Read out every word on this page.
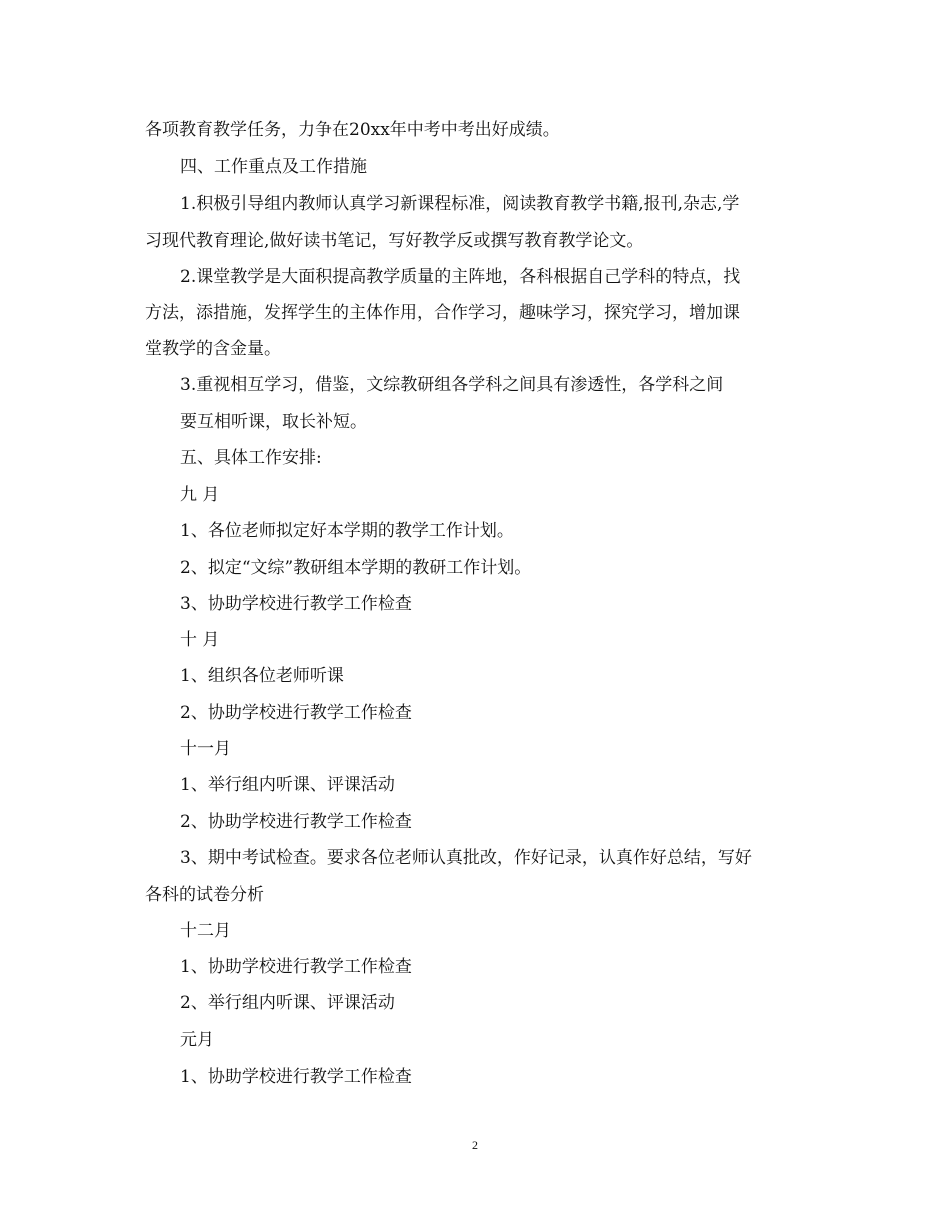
各项教育教学任务，力争在20xx年中考中考出好成绩。
四、工作重点及工作措施
1.积极引导组内教师认真学习新课程标准，阅读教育教学书籍,报刊,杂志,学
习现代教育理论,做好读书笔记，写好教学反或撰写教育教学论文。
2.课堂教学是大面积提高教学质量的主阵地，各科根据自己学科的特点，找
方法，添措施，发挥学生的主体作用，合作学习，趣味学习，探究学习，增加课
堂教学的含金量。
3.重视相互学习，借鉴，文综教研组各学科之间具有渗透性，各学科之间
要互相听课，取长补短。
五、具体工作安排:
九 月
1、各位老师拟定好本学期的教学工作计划。
2、拟定“文综”教研组本学期的教研工作计划。
3、协助学校进行教学工作检查
十 月
1、组织各位老师听课
2、协助学校进行教学工作检查
十一月
1、举行组内听课、评课活动
2、协助学校进行教学工作检查
3、期中考试检查。要求各位老师认真批改，作好记录，认真作好总结，写好
各科的试卷分析
十二月
1、协助学校进行教学工作检查
2、举行组内听课、评课活动
元月
1、协助学校进行教学工作检查
2
